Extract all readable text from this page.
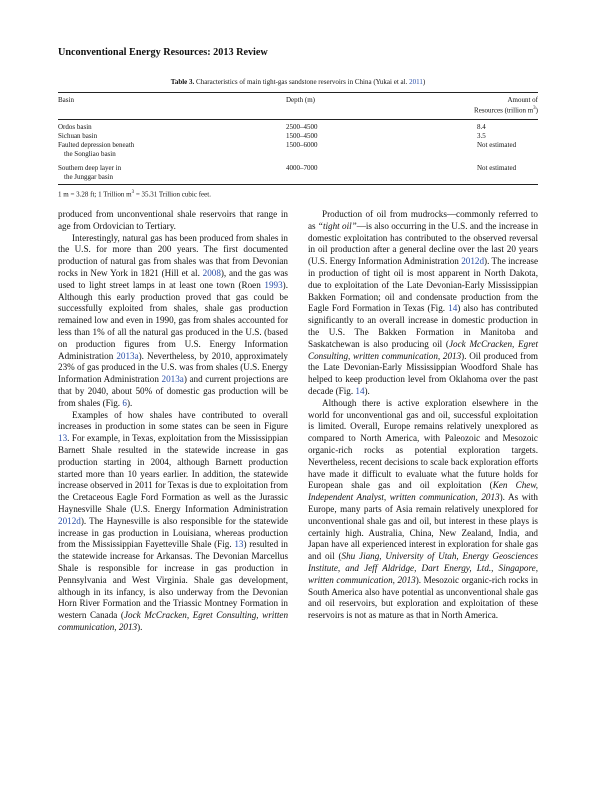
Unconventional Energy Resources: 2013 Review
Table 3. Characteristics of main tight-gas sandstone reservoirs in China (Yukai et al. 2011)
Basin	Depth (m)	Amount of
Resources (trillion $m^3$)
Ordos basin	2500–4500	8.4
Sichuan basin	1500–4500	3.5
Faulted depression beneath
the Songliao basin
1500–6000	Not estimated
Southern deep layer in
the Junggar basin
4000–7000	Not estimated
1 m = 3.28 ft; 1 Trillion $m^3 = 35.31$ Trillion cubic feet.

produced from unconventional shale reservoirs that range in age from Ordovician to Tertiary.

Interestingly, natural gas has been produced from shales in the U.S. for more than 200 years. The first documented production of natural gas from shales was that from Devonian rocks in New York in 1821 (Hill et al. 2008), and the gas was used to light street lamps in at least one town (Roen 1993). Although this early production proved that gas could be successfully exploited from shales, shale gas production remained low and even in 1990, gas from shales accounted for less than 1% of all the natural gas produced in the U.S. (based on production figures from U.S. Energy Information Administration 2013a). Nevertheless, by 2010, approximately 23% of gas produced in the U.S. was from shales (U.S. Energy Information Administration 2013a) and current projections are that by 2040, about 50% of domestic gas production will be from shales (Fig. 6).

Examples of how shales have contributed to overall increases in production in some states can be seen in Figure 13. For example, in Texas, exploitation from the Mississippian Barnett Shale resulted in the statewide increase in gas production starting in 2004, although Barnett production started more than 10 years earlier. In addition, the statewide increase observed in 2011 for Texas is due to exploitation from the Cretaceous Eagle Ford Formation as well as the Jurassic Haynesville Shale (U.S. Energy Information Administration 2012d). The Haynesville is also responsible for the statewide increase in gas production in Louisiana, whereas production from the Mississippian Fayetteville Shale (Fig. 13) resulted in the statewide increase for Arkansas. The Devonian Marcellus Shale is responsible for increase in gas production in Pennsylvania and West Virginia. Shale gas development, although in its infancy, is also underway from the Devonian Horn River Formation and the Triassic Montney Formation in western Canada (Jock McCracken, Egret Consulting, written communication, 2013).

Production of oil from mudrocks—commonly referred to as “tight oil”—is also occurring in the U.S. and the increase in domestic exploitation has contributed to the observed reversal in oil production after a general decline over the last 20 years (U.S. Energy Information Administration 2012d). The increase in production of tight oil is most apparent in North Dakota, due to exploitation of the Late Devonian-Early Mississippian Bakken Formation; oil and condensate production from the Eagle Ford Formation in Texas (Fig. 14) also has contributed significantly to an overall increase in domestic production in the U.S. The Bakken Formation in Manitoba and Saskatchewan is also producing oil (Jock McCracken, Egret Consulting, written communication, 2013). Oil produced from the Late Devonian-Early Mississippian Woodford Shale has helped to keep production level from Oklahoma over the past decade (Fig. 14).

Although there is active exploration elsewhere in the world for unconventional gas and oil, successful exploitation is limited. Overall, Europe remains relatively unexplored as compared to North America, with Paleozoic and Mesozoic organic-rich rocks as potential exploration targets. Nevertheless, recent decisions to scale back exploration efforts have made it difficult to evaluate what the future holds for European shale gas and oil exploitation (Ken Chew, Independent Analyst, written communication, 2013). As with Europe, many parts of Asia remain relatively unexplored for unconventional shale gas and oil, but interest in these plays is certainly high. Australia, China, New Zealand, India, and Japan have all experienced interest in exploration for shale gas and oil (Shu Jiang, University of Utah, Energy Geosciences Institute, and Jeff Aldridge, Dart Energy, Ltd., Singapore, written communication, 2013). Mesozoic organic-rich rocks in South America also have potential as unconventional shale gas and oil reservoirs, but exploration and exploitation of these reservoirs is not as mature as that in North America.
